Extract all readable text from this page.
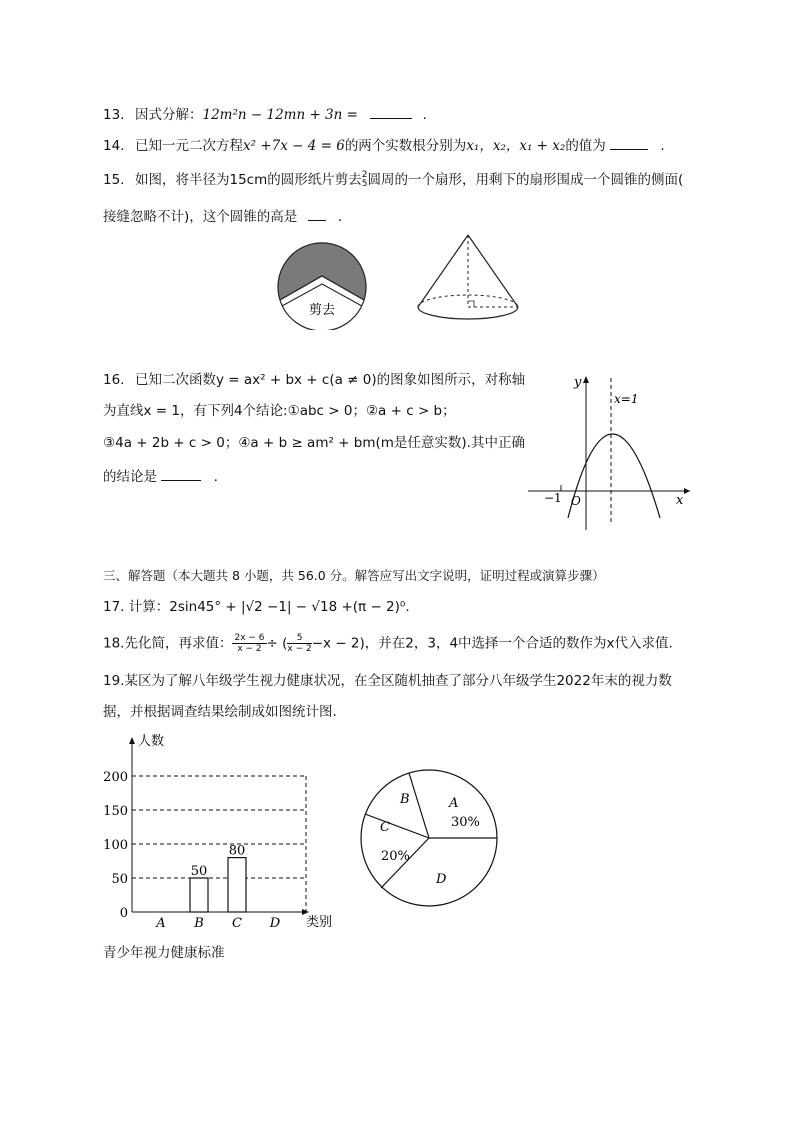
13. 因式分解：12m²n − 12mn + 3n =	.
14. 已知一元二次方程x² +7x − 4 = 6的两个实数根分别为x₁，x₂，x₁ + x₂的值为	.
15. 如图，将半径为15cm的圆形纸片剪去2
5圆周的一个扇形，用剩下的扇形围成一个圆锥的侧面(
接缝忽略不计)，这个圆锥的高是	.
剪去
16. 已知二次函数y = ax² + bx + c(a ≠ 0)的图象如图所示，对称轴
为直线x = 1，有下列4个结论:①abc > 0；②a + c > b；
③4a + 2b + c > 0；④a + b ≥ am² + bm(m是任意实数).其中正确
的结论是	.
y
x
x=1
O
−1
三、解答题（本大题共 8 小题，共 56.0 分。解答应写出文字说明，证明过程或演算步骤）
17. 计算：2sin45° + |√2 −1| − √18 +(π − 2)⁰.
18.先化简，再求值： $\frac{2x - 6}{x - 2}\div$ ( $\frac{5}{x - 2}-x - 2$)，并在2，3，4中选择一个合适的数作为x代入求值.
19.某区为了解八年级学生视力健康状况，在全区随机抽查了部分八年级学生2022年末的视力数
据，并根据调查结果绘制成如图统计图.
人数
类别
0
50
100
150
200
50
80
A B C D
A
30%
B
C
20%
D
青少年视力健康标准
